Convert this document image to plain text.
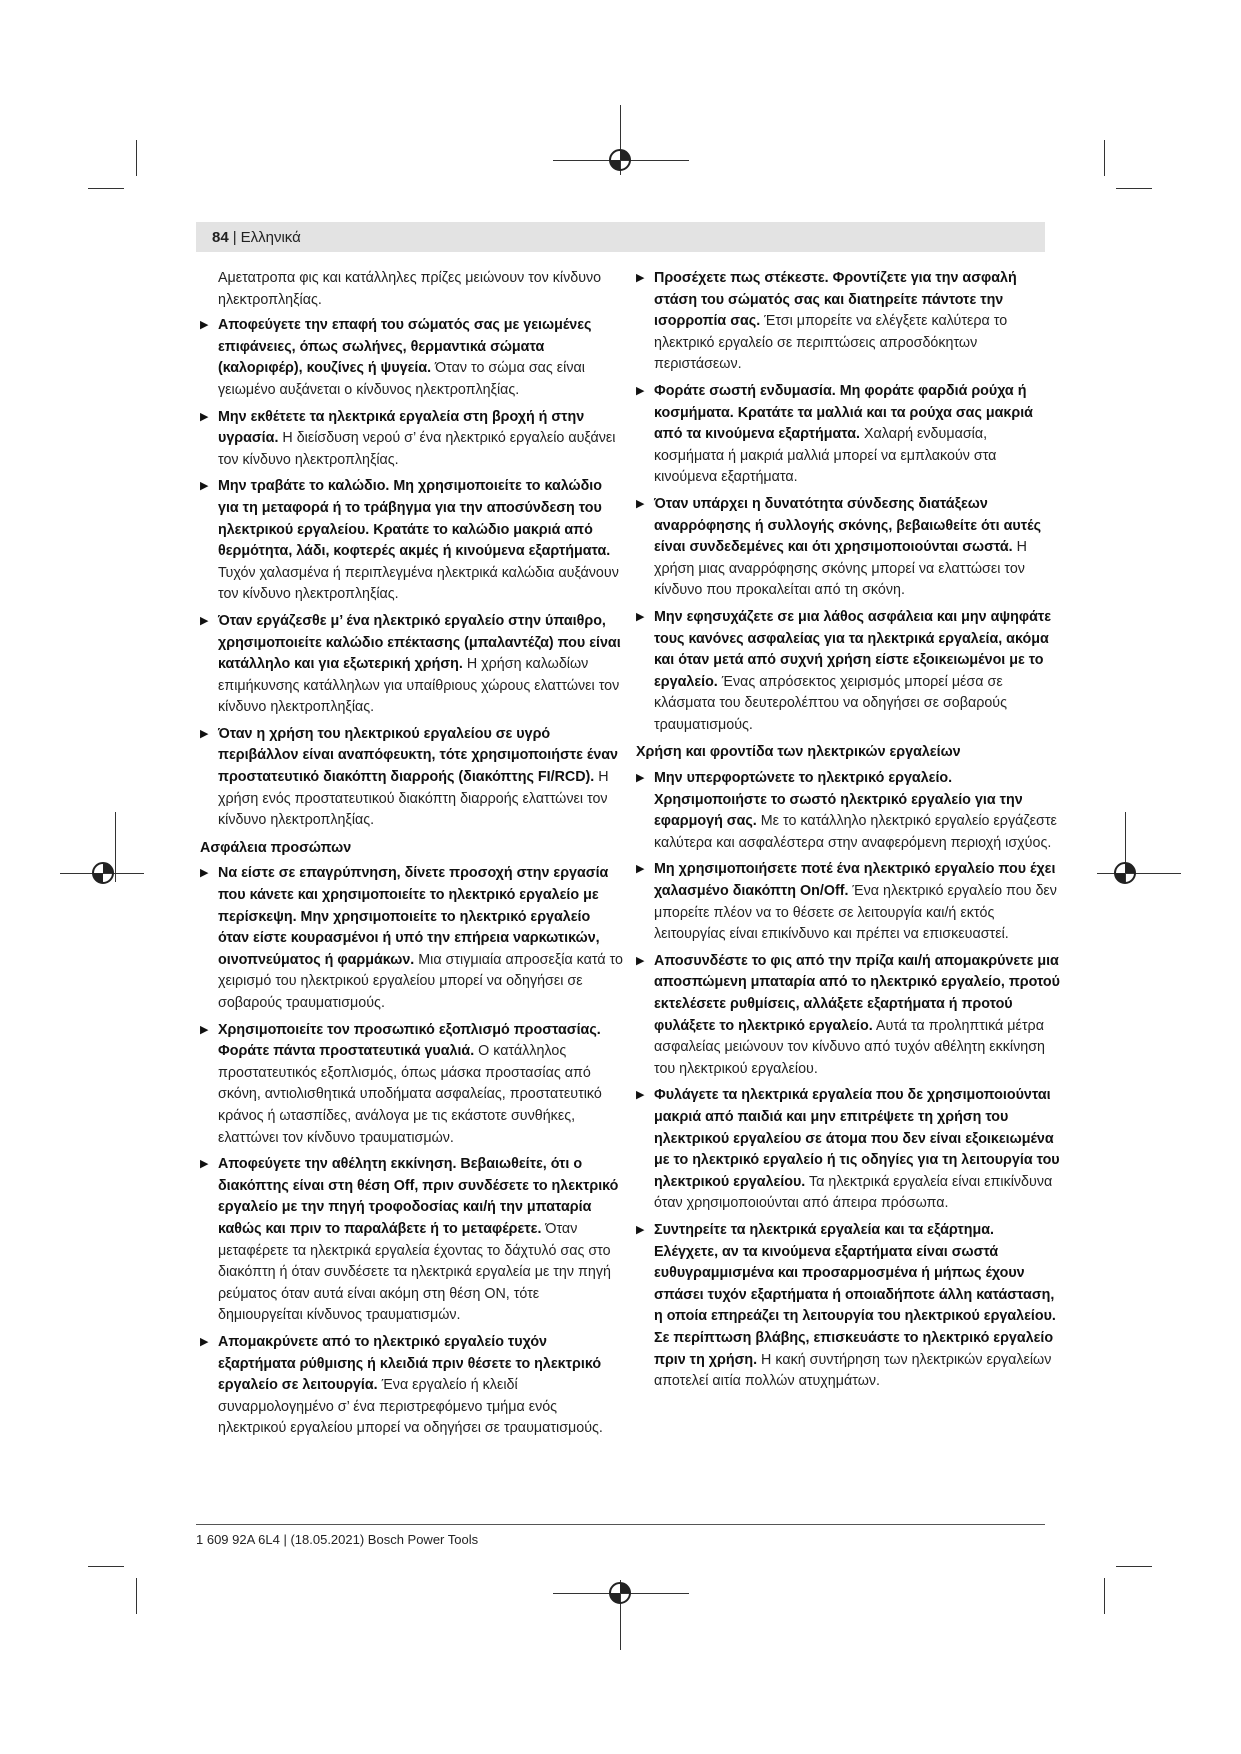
84 | Ελληνικά

Αμετατροπα φις και κατάλληλες πρίζες μειώνουν τον κίνδυνο ηλεκτροπληξίας.

▶ Αποφεύγετε την επαφή του σώματός σας με γειωμένες επιφάνειες, όπως σωλήνες, θερμαντικά σώματα (καλοριφέρ), κουζίνες ή ψυγεία. Όταν το σώμα σας είναι γειωμένο αυξάνεται ο κίνδυνος ηλεκτροπληξίας.

▶ Μην εκθέτετε τα ηλεκτρικά εργαλεία στη βροχή ή στην υγρασία. Η διείσδυση νερού σ’ ένα ηλεκτρικό εργαλείο αυξάνει τον κίνδυνο ηλεκτροπληξίας.

▶ Μην τραβάτε το καλώδιο. Μη χρησιμοποιείτε το καλώδιο για τη μεταφορά ή το τράβηγμα για την αποσύνδεση του ηλεκτρικού εργαλείου. Κρατάτε το καλώδιο μακριά από θερμότητα, λάδι, κοφτερές ακμές ή κινούμενα εξαρτήματα. Τυχόν χαλασμένα ή περιπλεγμένα ηλεκτρικά καλώδια αυξάνουν τον κίνδυνο ηλεκτροπληξίας.

▶ Όταν εργάζεσθε μ’ ένα ηλεκτρικό εργαλείο στην ύπαιθρο, χρησιμοποιείτε καλώδιο επέκτασης (μπαλαντέζα) που είναι κατάλληλο και για εξωτερική χρήση. Η χρήση καλωδίων επιμήκυνσης κατάλληλων για υπαίθριους χώρους ελαττώνει τον κίνδυνο ηλεκτροπληξίας.

▶ Όταν η χρήση του ηλεκτρικού εργαλείου σε υγρό περιβάλλον είναι αναπόφευκτη, τότε χρησιμοποιήστε έναν προστατευτικό διακόπτη διαρροής (διακόπτης FI/RCD). Η χρήση ενός προστατευτικού διακόπτη διαρροής ελαττώνει τον κίνδυνο ηλεκτροπληξίας.

Ασφάλεια προσώπων

▶ Να είστε σε επαγρύπνηση, δίνετε προσοχή στην εργασία που κάνετε και χρησιμοποιείτε το ηλεκτρικό εργαλείο με περίσκεψη. Μην χρησιμοποιείτε το ηλεκτρικό εργαλείο όταν είστε κουρασμένοι ή υπό την επήρεια ναρκωτικών, οινοπνεύματος ή φαρμάκων. Μια στιγμιαία απροσεξία κατά το χειρισμό του ηλεκτρικού εργαλείου μπορεί να οδηγήσει σε σοβαρούς τραυματισμούς.

▶ Χρησιμοποιείτε τον προσωπικό εξοπλισμό προστασίας. Φοράτε πάντα προστατευτικά γυαλιά. Ο κατάλληλος προστατευτικός εξοπλισμός, όπως μάσκα προστασίας από σκόνη, αντιολισθητικά υποδήματα ασφαλείας, προστατευτικό κράνος ή ωτασπίδες, ανάλογα με τις εκάστοτε συνθήκες, ελαττώνει τον κίνδυνο τραυματισμών.

▶ Αποφεύγετε την αθέλητη εκκίνηση. Βεβαιωθείτε, ότι ο διακόπτης είναι στη θέση Off, πριν συνδέσετε το ηλεκτρικό εργαλείο με την πηγή τροφοδοσίας και/ή την μπαταρία καθώς και πριν το παραλάβετε ή το μεταφέρετε. Όταν μεταφέρετε τα ηλεκτρικά εργαλεία έχοντας το δάχτυλό σας στο διακόπτη ή όταν συνδέσετε τα ηλεκτρικά εργαλεία με την πηγή ρεύματος όταν αυτά είναι ακόμη στη θέση ON, τότε δημιουργείται κίνδυνος τραυματισμών.

▶ Απομακρύνετε από το ηλεκτρικό εργαλείο τυχόν εξαρτήματα ρύθμισης ή κλειδιά πριν θέσετε το ηλεκτρικό εργαλείο σε λειτουργία. Ένα εργαλείο ή κλειδί συναρμολογημένο σ’ ένα περιστρεφόμενο τμήμα ενός ηλεκτρικού εργαλείου μπορεί να οδηγήσει σε τραυματισμούς.

▶ Προσέχετε πως στέκεστε. Φροντίζετε για την ασφαλή στάση του σώματός σας και διατηρείτε πάντοτε την ισορροπία σας. Έτσι μπορείτε να ελέγξετε καλύτερα το ηλεκτρικό εργαλείο σε περιπτώσεις απροσδόκητων περιστάσεων.

▶ Φοράτε σωστή ενδυμασία. Μη φοράτε φαρδιά ρούχα ή κοσμήματα. Κρατάτε τα μαλλιά και τα ρούχα σας μακριά από τα κινούμενα εξαρτήματα. Χαλαρή ενδυμασία, κοσμήματα ή μακριά μαλλιά μπορεί να εμπλακούν στα κινούμενα εξαρτήματα.

▶ Όταν υπάρχει η δυνατότητα σύνδεσης διατάξεων αναρρόφησης ή συλλογής σκόνης, βεβαιωθείτε ότι αυτές είναι συνδεδεμένες και ότι χρησιμοποιούνται σωστά. Η χρήση μιας αναρρόφησης σκόνης μπορεί να ελαττώσει τον κίνδυνο που προκαλείται από τη σκόνη.

▶ Μην εφησυχάζετε σε μια λάθος ασφάλεια και μην αψηφάτε τους κανόνες ασφαλείας για τα ηλεκτρικά εργαλεία, ακόμα και όταν μετά από συχνή χρήση είστε εξοικειωμένοι με το εργαλείο. Ένας απρόσεκτος χειρισμός μπορεί μέσα σε κλάσματα του δευτερολέπτου να οδηγήσει σε σοβαρούς τραυματισμούς.

Χρήση και φροντίδα των ηλεκτρικών εργαλείων

▶ Μην υπερφορτώνετε το ηλεκτρικό εργαλείο. Χρησιμοποιήστε το σωστό ηλεκτρικό εργαλείο για την εφαρμογή σας. Με το κατάλληλο ηλεκτρικό εργαλείο εργάζεστε καλύτερα και ασφαλέστερα στην αναφερόμενη περιοχή ισχύος.

▶ Μη χρησιμοποιήσετε ποτέ ένα ηλεκτρικό εργαλείο που έχει χαλασμένο διακόπτη On/Off. Ένα ηλεκτρικό εργαλείο που δεν μπορείτε πλέον να το θέσετε σε λειτουργία και/ή εκτός λειτουργίας είναι επικίνδυνο και πρέπει να επισκευαστεί.

▶ Αποσυνδέστε το φις από την πρίζα και/ή απομακρύνετε μια αποσπώμενη μπαταρία από το ηλεκτρικό εργαλείο, προτού εκτελέσετε ρυθμίσεις, αλλάξετε εξαρτήματα ή προτού φυλάξετε το ηλεκτρικό εργαλείο. Αυτά τα προληπτικά μέτρα ασφαλείας μειώνουν τον κίνδυνο από τυχόν αθέλητη εκκίνηση του ηλεκτρικού εργαλείου.

▶ Φυλάγετε τα ηλεκτρικά εργαλεία που δε χρησιμοποιούνται μακριά από παιδιά και μην επιτρέψετε τη χρήση του ηλεκτρικού εργαλείου σε άτομα που δεν είναι εξοικειωμένα με το ηλεκτρικό εργαλείο ή τις οδηγίες για τη λειτουργία του ηλεκτρικού εργαλείου. Τα ηλεκτρικά εργαλεία είναι επικίνδυνα όταν χρησιμοποιούνται από άπειρα πρόσωπα.

▶ Συντηρείτε τα ηλεκτρικά εργαλεία και τα εξάρτημα. Ελέγχετε, αν τα κινούμενα εξαρτήματα είναι σωστά ευθυγραμμισμένα και προσαρμοσμένα ή μήπως έχουν σπάσει τυχόν εξαρτήματα ή οποιαδήποτε άλλη κατάσταση, η οποία επηρεάζει τη λειτουργία του ηλεκτρικού εργαλείου. Σε περίπτωση βλάβης, επισκευάστε το ηλεκτρικό εργαλείο πριν τη χρήση. Η κακή συντήρηση των ηλεκτρικών εργαλείων αποτελεί αιτία πολλών ατυχημάτων.

1 609 92A 6L4 | (18.05.2021) Bosch Power Tools
